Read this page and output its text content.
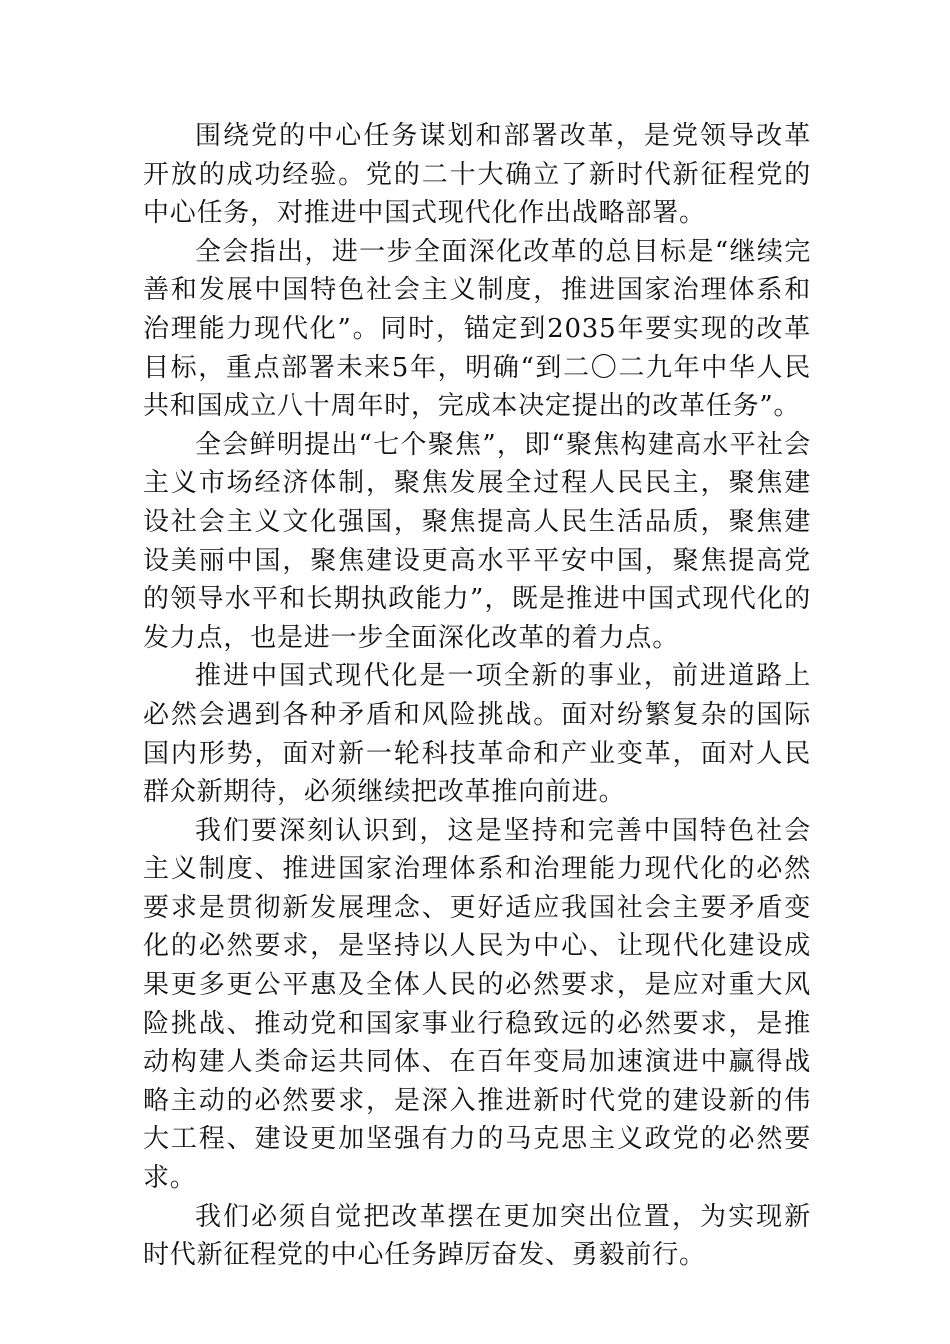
围绕党的中心任务谋划和部署改革，是党领导改革开放的成功经验。党的二十大确立了新时代新征程党的中心任务，对推进中国式现代化作出战略部署。

全会指出，进一步全面深化改革的总目标是“继续完善和发展中国特色社会主义制度，推进国家治理体系和治理能力现代化”。同时，锚定到2035年要实现的改革目标，重点部署未来5年，明确“到二〇二九年中华人民共和国成立八十周年时，完成本决定提出的改革任务”。

全会鲜明提出“七个聚焦”，即“聚焦构建高水平社会主义市场经济体制，聚焦发展全过程人民民主，聚焦建设社会主义文化强国，聚焦提高人民生活品质，聚焦建设美丽中国，聚焦建设更高水平平安中国，聚焦提高党的领导水平和长期执政能力”，既是推进中国式现代化的发力点，也是进一步全面深化改革的着力点。

推进中国式现代化是一项全新的事业，前进道路上必然会遇到各种矛盾和风险挑战。面对纷繁复杂的国际国内形势，面对新一轮科技革命和产业变革，面对人民群众新期待，必须继续把改革推向前进。

我们要深刻认识到，这是坚持和完善中国特色社会主义制度、推进国家治理体系和治理能力现代化的必然要求是贯彻新发展理念、更好适应我国社会主要矛盾变化的必然要求，是坚持以人民为中心、让现代化建设成果更多更公平惠及全体人民的必然要求，是应对重大风险挑战、推动党和国家事业行稳致远的必然要求，是推动构建人类命运共同体、在百年变局加速演进中赢得战略主动的必然要求，是深入推进新时代党的建设新的伟大工程、建设更加坚强有力的马克思主义政党的必然要求。

我们必须自觉把改革摆在更加突出位置，为实现新时代新征程党的中心任务踔厉奋发、勇毅前行。
